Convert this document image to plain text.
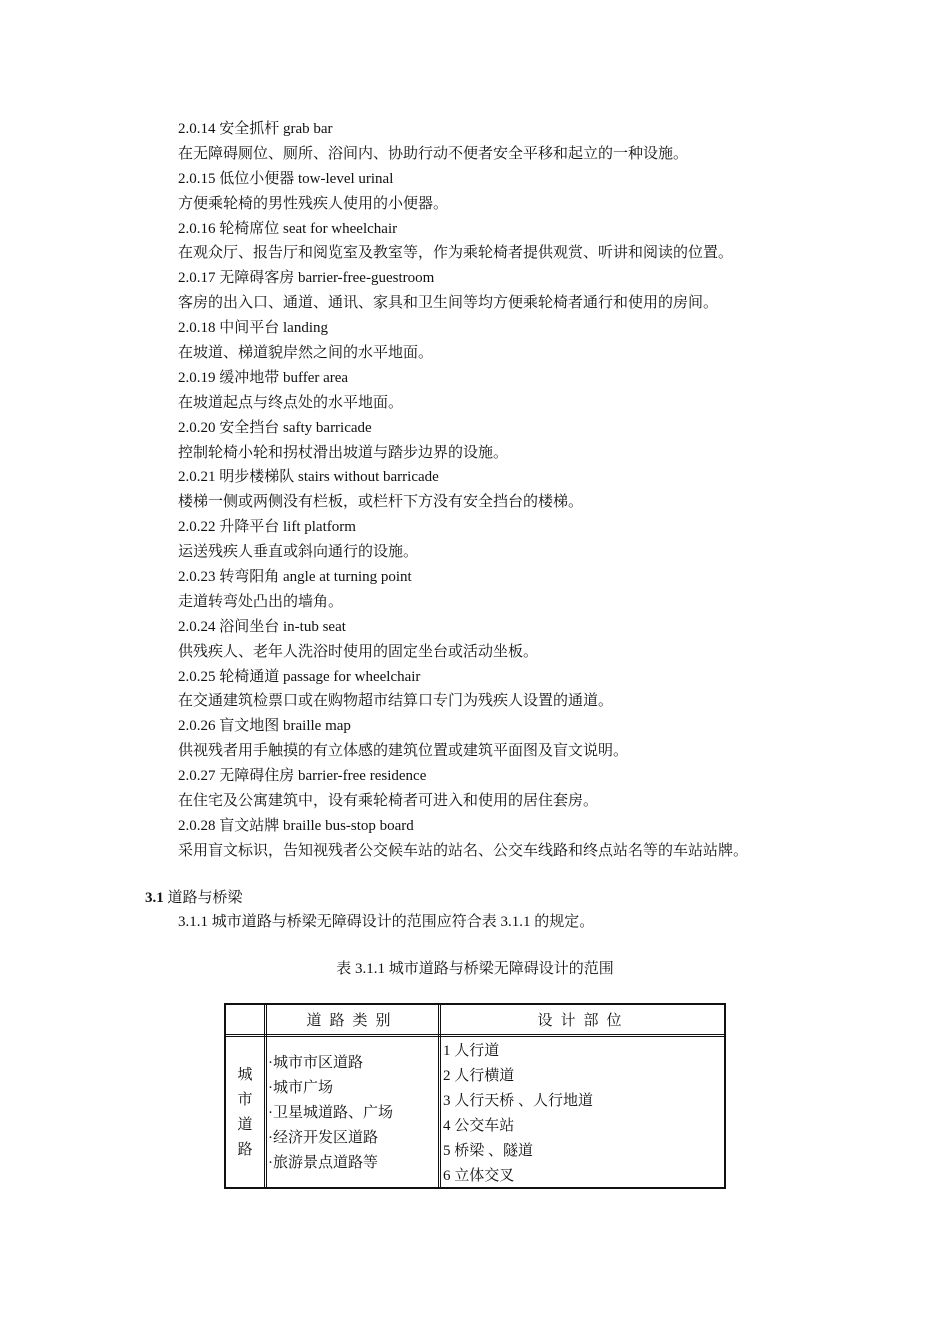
2.0.14 安全抓杆 grab bar
在无障碍厕位、厕所、浴间内、协助行动不便者安全平移和起立的一种设施。
2.0.15 低位小便器 tow-level urinal
方便乘轮椅的男性残疾人使用的小便器。
2.0.16 轮椅席位 seat for wheelchair
在观众厅、报告厅和阅览室及教室等，作为乘轮椅者提供观赏、听讲和阅读的位置。
2.0.17 无障碍客房 barrier-free-guestroom
客房的出入口、通道、通讯、家具和卫生间等均方便乘轮椅者通行和使用的房间。
2.0.18 中间平台 landing
在坡道、梯道貌岸然之间的水平地面。
2.0.19 缓冲地带 buffer area
在坡道起点与终点处的水平地面。
2.0.20 安全挡台 safty barricade
控制轮椅小轮和拐杖滑出坡道与踏步边界的设施。
2.0.21 明步楼梯队 stairs without barricade
楼梯一侧或两侧没有栏板，或栏杆下方没有安全挡台的楼梯。
2.0.22 升降平台 lift platform
运送残疾人垂直或斜向通行的设施。
2.0.23 转弯阳角 angle at turning point
走道转弯处凸出的墙角。
2.0.24 浴间坐台 in-tub seat
供残疾人、老年人洗浴时使用的固定坐台或活动坐板。
2.0.25 轮椅通道 passage for wheelchair
在交通建筑检票口或在购物超市结算口专门为残疾人设置的通道。
2.0.26 盲文地图 braille map
供视残者用手触摸的有立体感的建筑位置或建筑平面图及盲文说明。
2.0.27 无障碍住房 barrier-free residence
在住宅及公寓建筑中，设有乘轮椅者可进入和使用的居住套房。
2.0.28 盲文站牌 braille bus-stop board
采用盲文标识，告知视残者公交候车站的站名、公交车线路和终点站名等的车站站牌。
3.1 道路与桥梁
3.1.1 城市道路与桥梁无障碍设计的范围应符合表 3.1.1 的规定。
表 3.1.1 城市道路与桥梁无障碍设计的范围
道路类别	设计部位
城
市
道
路
·城市市区道路
·城市广场
·卫星城道路、广场
·经济开发区道路
·旅游景点道路等
1 人行道
2 人行横道
3 人行天桥 、人行地道
4 公交车站
5 桥梁 、隧道
6 立体交叉
